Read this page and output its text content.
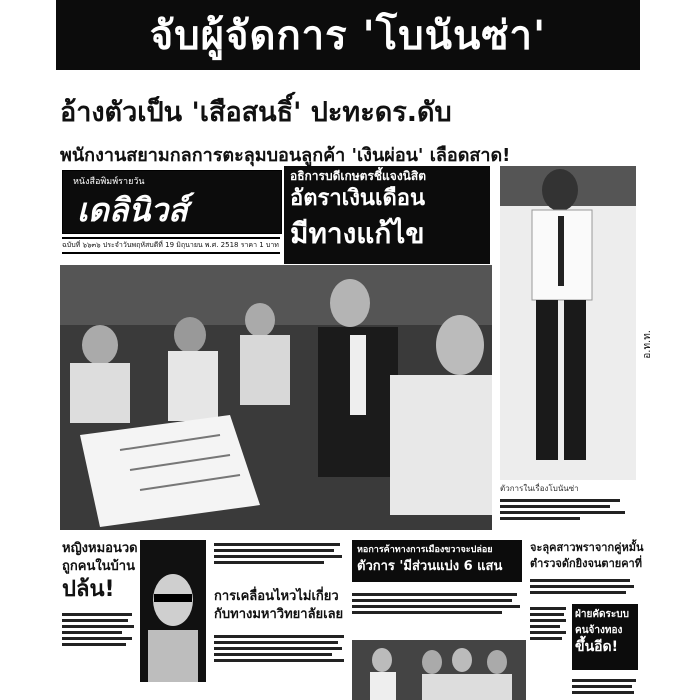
จับผู้จัดการ 'โบนันซ่า'
อ้างตัวเป็น 'เสือสนธิ์' ปะทะดร.ดับ
พนักงานสยามกลการตะลุมบอนลูกค้า 'เงินผ่อน' เลือดสาด!
หนังสือพิมพ์รายวัน
เดลินิวส์
ฉบับที่ ๖๖๓๖ ประจำวันพฤหัสบดีที่ 19 มิถุนายน พ.ศ. 2518 ราคา 1 บาท
อธิการบดีเกษตรชี้แจงนิสิต
อัตราเงินเดือน
มีทางแก้ไข
ตัวการในเรื่องโบนันซ่า
อ.ท.ท.
หญิงหมอนวด
ถูกคนในบ้าน
ปล้น!	การเคลื่อนไหวไม่เกี่ยว
กับทางมหาวิทยาลัยเลย
หอการค้าทางการเมืองขวาจะปล่อย
ตัวการ 'มีส่วนแบ่ง 6 แสน
จะลุคสาวพราจากคู่หมั้น
ตำรวจดักยิงจนตายคาที่
ฝ่ายคัดระบบ
คนจ้างทอง
ขึ้นอีด!
